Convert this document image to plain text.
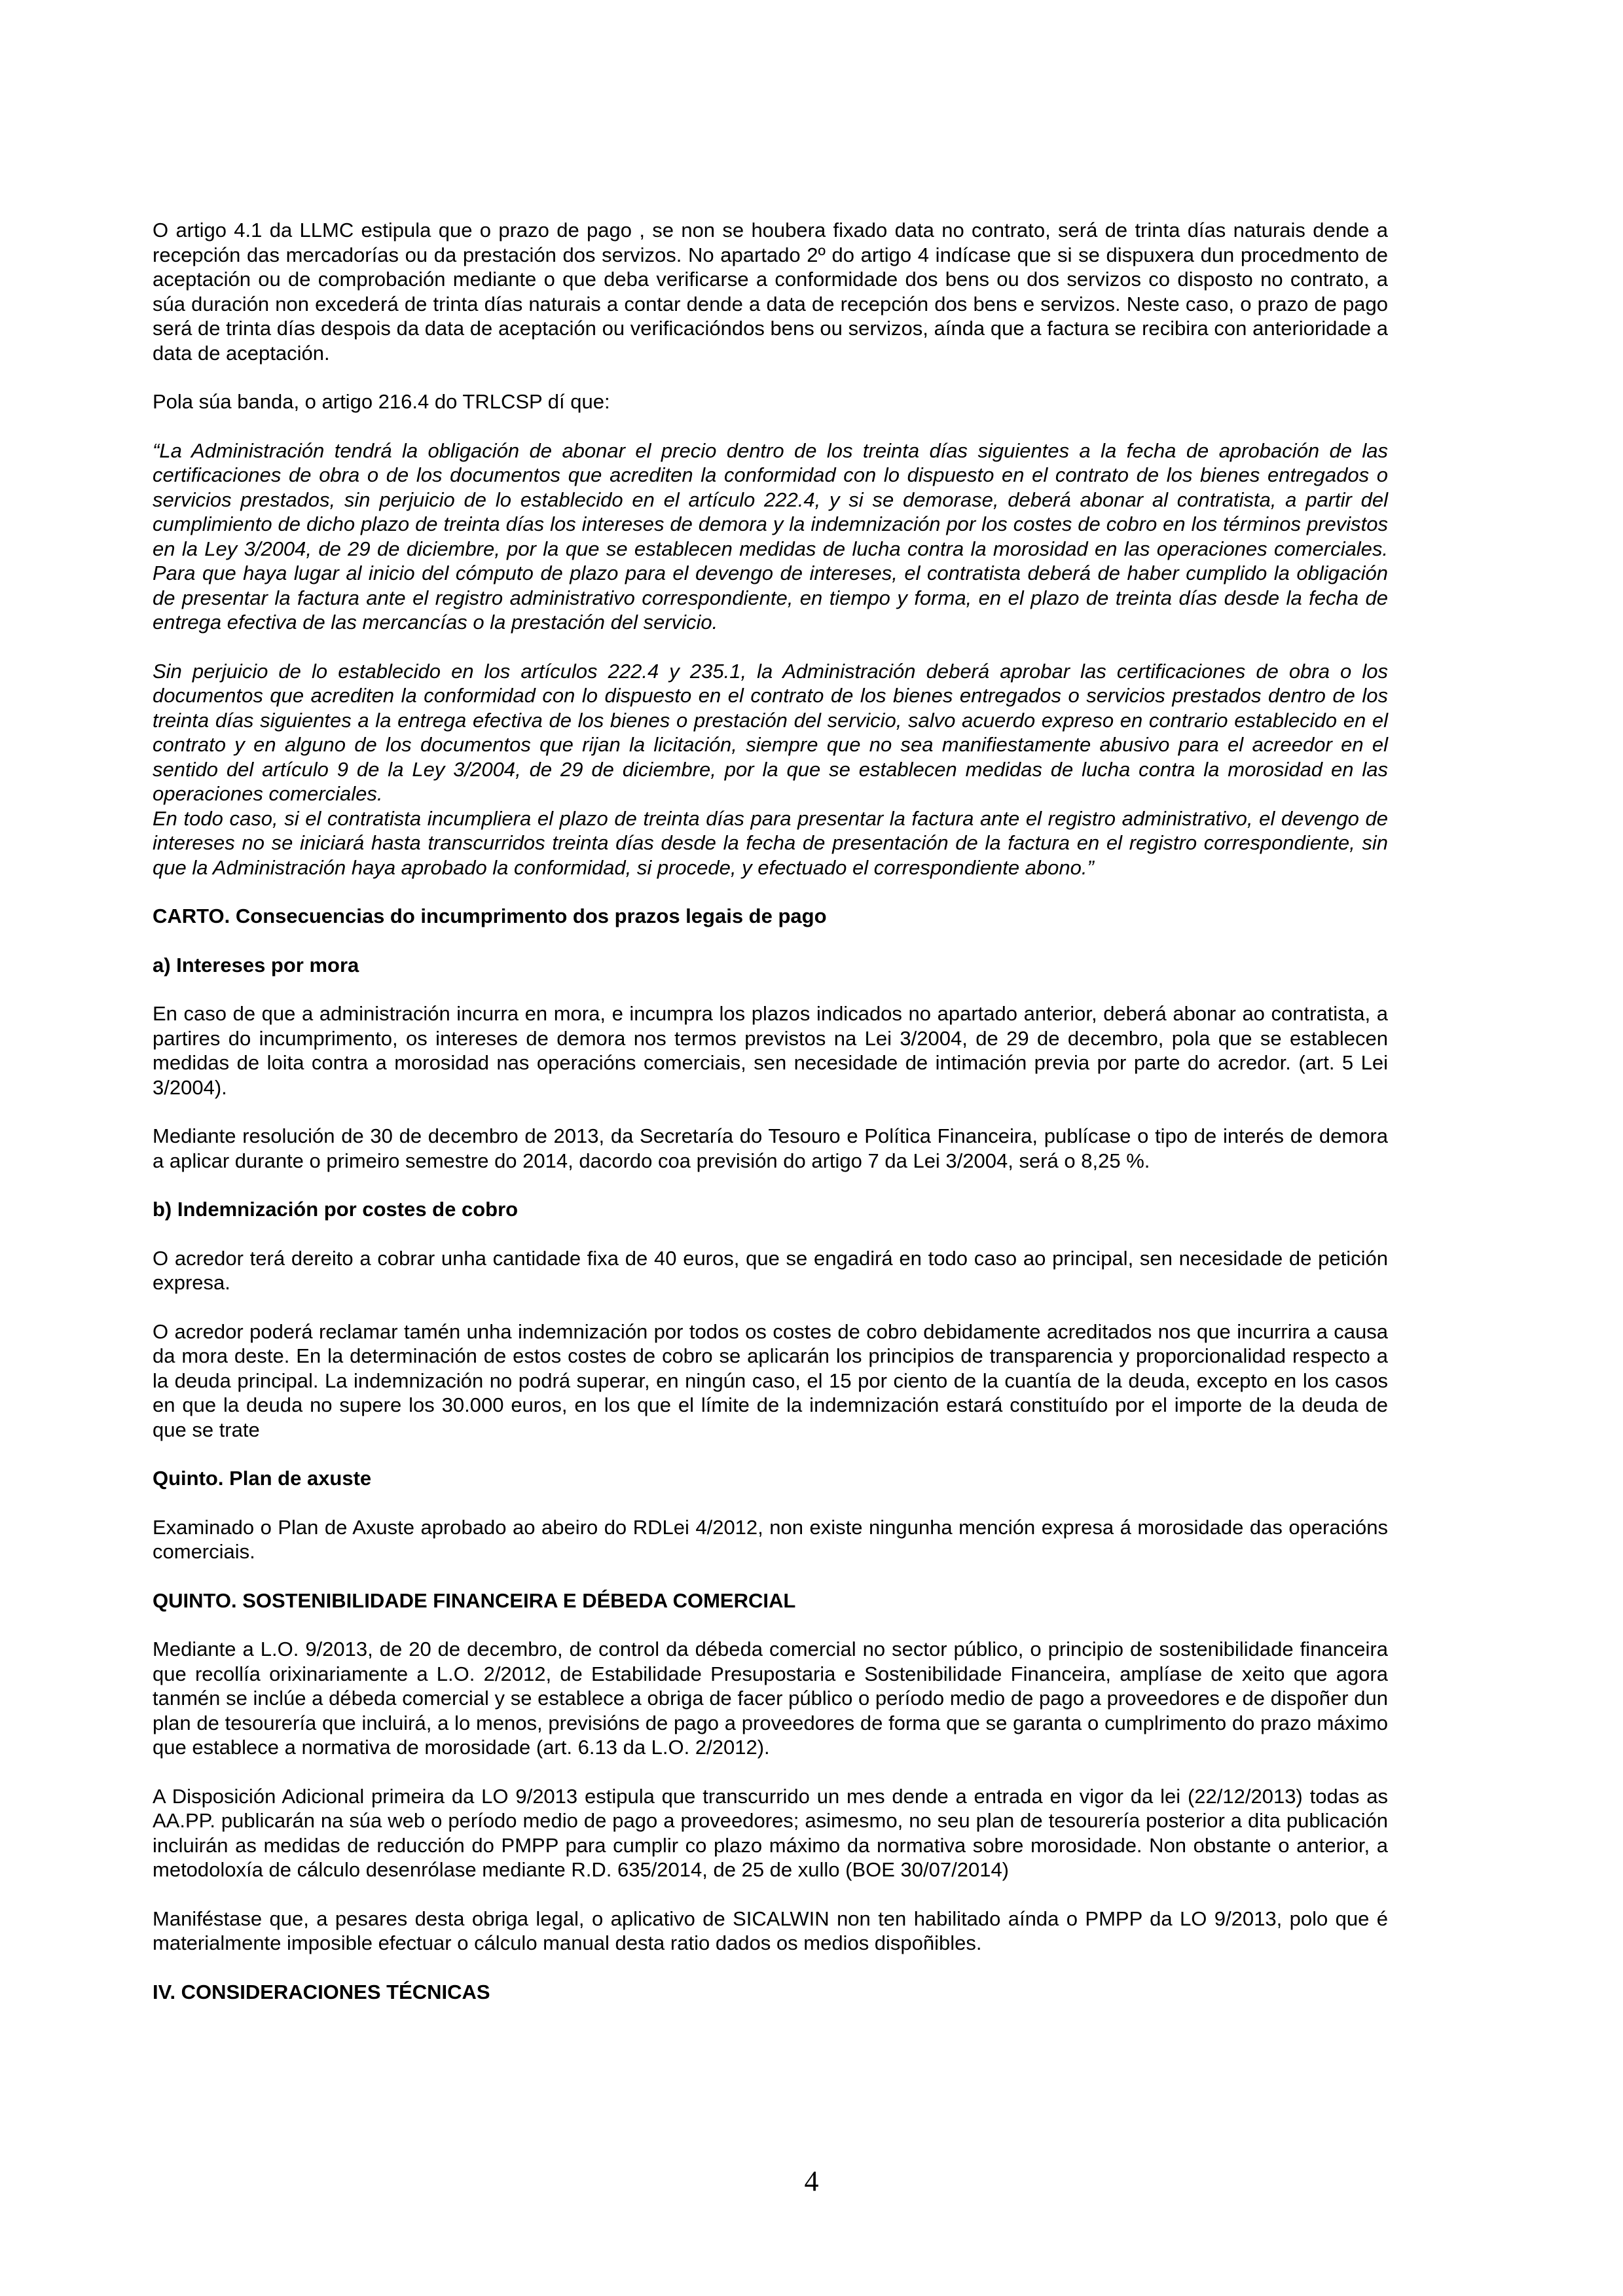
O artigo 4.1 da LLMC estipula que o prazo de pago , se non se houbera fixado data no contrato, será de trinta días naturais dende a recepción das mercadorías ou da prestación dos servizos. No apartado 2º do artigo 4 indícase que si se dispuxera dun procedmento de aceptación ou de comprobación mediante o que deba verificarse a conformidade dos bens ou dos servizos co disposto no contrato, a súa duración non excederá de trinta días naturais a contar dende a data de recepción dos bens e servizos. Neste caso, o prazo de pago será de trinta días despois da data de aceptación ou verificacióndos bens ou servizos, aínda que a factura se recibira con anterioridade a data de aceptación.

Pola súa banda, o artigo 216.4 do TRLCSP dí que:

“La Administración tendrá la obligación de abonar el precio dentro de los treinta días siguientes a la fecha de aprobación de las certificaciones de obra o de los documentos que acrediten la conformidad con lo dispuesto en el contrato de los bienes entregados o servicios prestados, sin perjuicio de lo establecido en el artículo 222.4, y si se demorase, deberá abonar al contratista, a partir del cumplimiento de dicho plazo de treinta días los intereses de demora y la indemnización por los costes de cobro en los términos previstos en la Ley 3/2004, de 29 de diciembre, por la que se establecen medidas de lucha contra la morosidad en las operaciones comerciales. Para que haya lugar al inicio del cómputo de plazo para el devengo de intereses, el contratista deberá de haber cumplido la obligación de presentar la factura ante el registro administrativo correspondiente, en tiempo y forma, en el plazo de treinta días desde la fecha de entrega efectiva de las mercancías o la prestación del servicio.

Sin perjuicio de lo establecido en los artículos 222.4 y 235.1, la Administración deberá aprobar las certificaciones de obra o los documentos que acrediten la conformidad con lo dispuesto en el contrato de los bienes entregados o servicios prestados dentro de los treinta días siguientes a la entrega efectiva de los bienes o prestación del servicio, salvo acuerdo expreso en contrario establecido en el contrato y en alguno de los documentos que rijan la licitación, siempre que no sea manifiestamente abusivo para el acreedor en el sentido del artículo 9 de la Ley 3/2004, de 29 de diciembre, por la que se establecen medidas de lucha contra la morosidad en las operaciones comerciales.

En todo caso, si el contratista incumpliera el plazo de treinta días para presentar la factura ante el registro administrativo, el devengo de intereses no se iniciará hasta transcurridos treinta días desde la fecha de presentación de la factura en el registro correspondiente, sin que la Administración haya aprobado la conformidad, si procede, y efectuado el correspondiente abono.”

CARTO. Consecuencias do incumprimento dos prazos legais de pago

a) Intereses por mora

En caso de que a administración incurra en mora, e incumpra los plazos indicados no apartado anterior, deberá abonar ao contratista, a partires do incumprimento, os intereses de demora nos termos previstos na Lei 3/2004, de 29 de decembro, pola que se establecen medidas de loita contra a morosidad nas operacións comerciais, sen necesidade de intimación previa por parte do acredor. (art. 5 Lei 3/2004).

Mediante resolución de 30 de decembro de 2013, da Secretaría do Tesouro e Política Financeira, publícase o tipo de interés de demora a aplicar durante o primeiro semestre do 2014, dacordo coa previsión do artigo 7 da Lei 3/2004, será o 8,25 %.

b) Indemnización por costes de cobro

O acredor terá dereito a cobrar unha cantidade fixa de 40 euros, que se engadirá en todo caso ao principal, sen necesidade de petición expresa.

O acredor poderá reclamar tamén unha indemnización por todos os costes de cobro debidamente acreditados nos que incurrira a causa da mora deste. En la determinación de estos costes de cobro se aplicarán los principios de transparencia y proporcionalidad respecto a la deuda principal. La indemnización no podrá superar, en ningún caso, el 15 por ciento de la cuantía de la deuda, excepto en los casos en que la deuda no supere los 30.000 euros, en los que el límite de la indemnización estará constituído por el importe de la deuda de que se trate

Quinto. Plan de axuste

Examinado o Plan de Axuste aprobado ao abeiro do RDLei 4/2012, non existe ningunha mención expresa á morosidade das operacións comerciais.

QUINTO. SOSTENIBILIDADE FINANCEIRA E DÉBEDA COMERCIAL

Mediante a L.O. 9/2013, de 20 de decembro, de control da débeda comercial no sector público, o principio de sostenibilidade financeira que recollía orixinariamente a L.O. 2/2012, de Estabilidade Presupostaria e Sostenibilidade Financeira, amplíase de xeito que agora tanmén se inclúe a débeda comercial y se establece a obriga de facer público o período medio de pago a proveedores e de dispoñer dun plan de tesourería que incluirá, a lo menos, previsións de pago a proveedores de forma que se garanta o cumplrimento do prazo máximo que establece a normativa de morosidade (art. 6.13 da L.O. 2/2012).

A Disposición Adicional primeira da LO 9/2013 estipula que transcurrido un mes dende a entrada en vigor da lei (22/12/2013) todas as AA.PP. publicarán na súa web o período medio de pago a proveedores; asimesmo, no seu plan de tesourería posterior a dita publicación incluirán as medidas de reducción do PMPP para cumplir co plazo máximo da normativa sobre morosidade. Non obstante o anterior, a metodoloxía de cálculo desenrólase mediante R.D. 635/2014, de 25 de xullo (BOE 30/07/2014)

Maniféstase que, a pesares desta obriga legal, o aplicativo de SICALWIN non ten habilitado aínda o PMPP da LO 9/2013, polo que é materialmente imposible efectuar o cálculo manual desta ratio dados os medios dispoñibles.

IV. CONSIDERACIONES TÉCNICAS

4
